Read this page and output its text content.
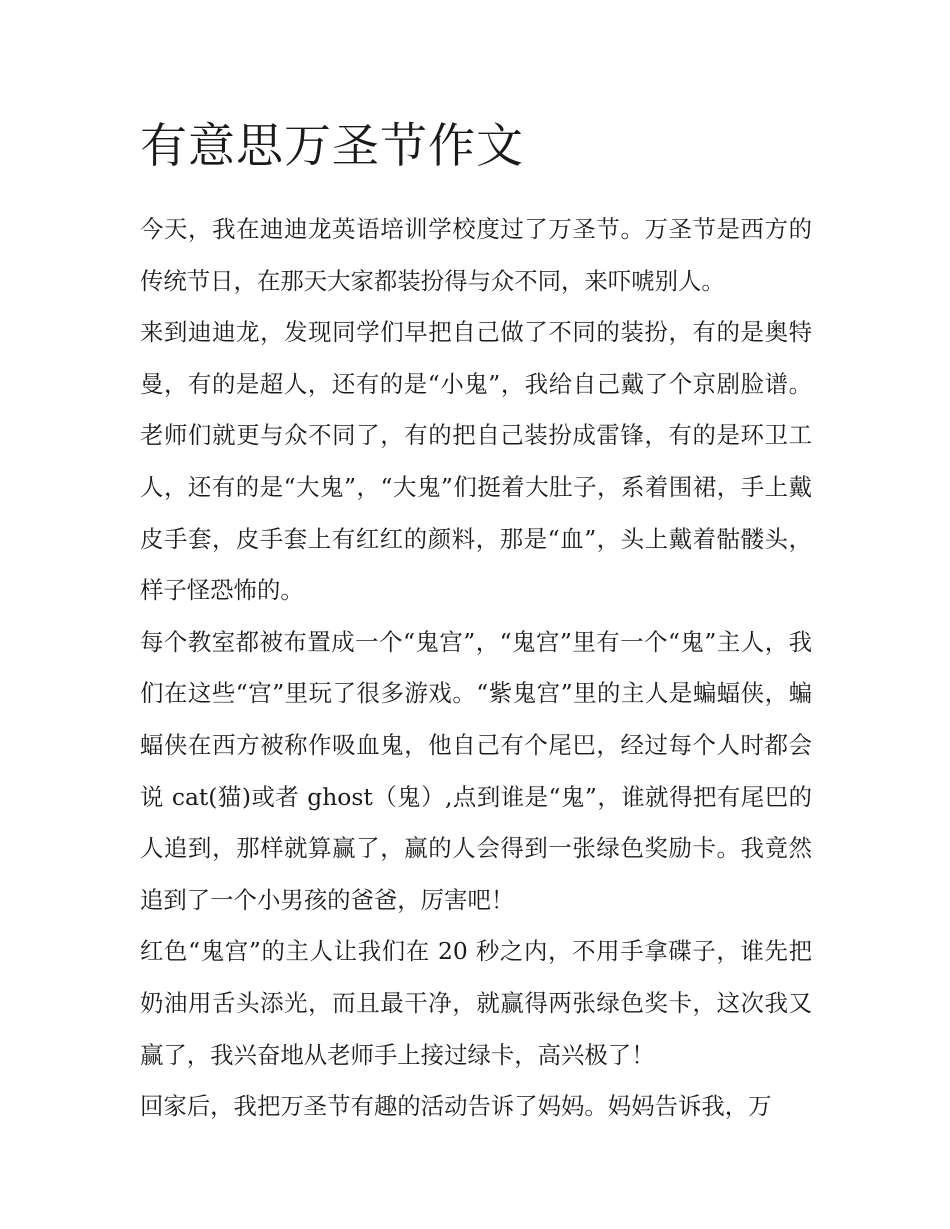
有意思万圣节作文

今天，我在迪迪龙英语培训学校度过了万圣节。万圣节是西方的传统节日，在那天大家都装扮得与众不同，来吓唬别人。

来到迪迪龙，发现同学们早把自己做了不同的装扮，有的是奥特曼，有的是超人，还有的是“小鬼”，我给自己戴了个京剧脸谱。老师们就更与众不同了，有的把自己装扮成雷锋，有的是环卫工人，还有的是“大鬼”，“大鬼”们挺着大肚子，系着围裙，手上戴皮手套，皮手套上有红红的颜料，那是“血”，头上戴着骷髅头，样子怪恐怖的。

每个教室都被布置成一个“鬼宫”，“鬼宫”里有一个“鬼”主人，我们在这些“宫”里玩了很多游戏。“紫鬼宫”里的主人是蝙蝠侠，蝙蝠侠在西方被称作吸血鬼，他自己有个尾巴，经过每个人时都会说 cat(猫)或者 ghost（鬼）,点到谁是“鬼”，谁就得把有尾巴的人追到，那样就算赢了，赢的人会得到一张绿色奖励卡。我竟然追到了一个小男孩的爸爸，厉害吧！

红色“鬼宫”的主人让我们在 20 秒之内，不用手拿碟子，谁先把奶油用舌头添光，而且最干净，就赢得两张绿色奖卡，这次我又赢了，我兴奋地从老师手上接过绿卡，高兴极了！

回家后，我把万圣节有趣的活动告诉了妈妈。妈妈告诉我，万
